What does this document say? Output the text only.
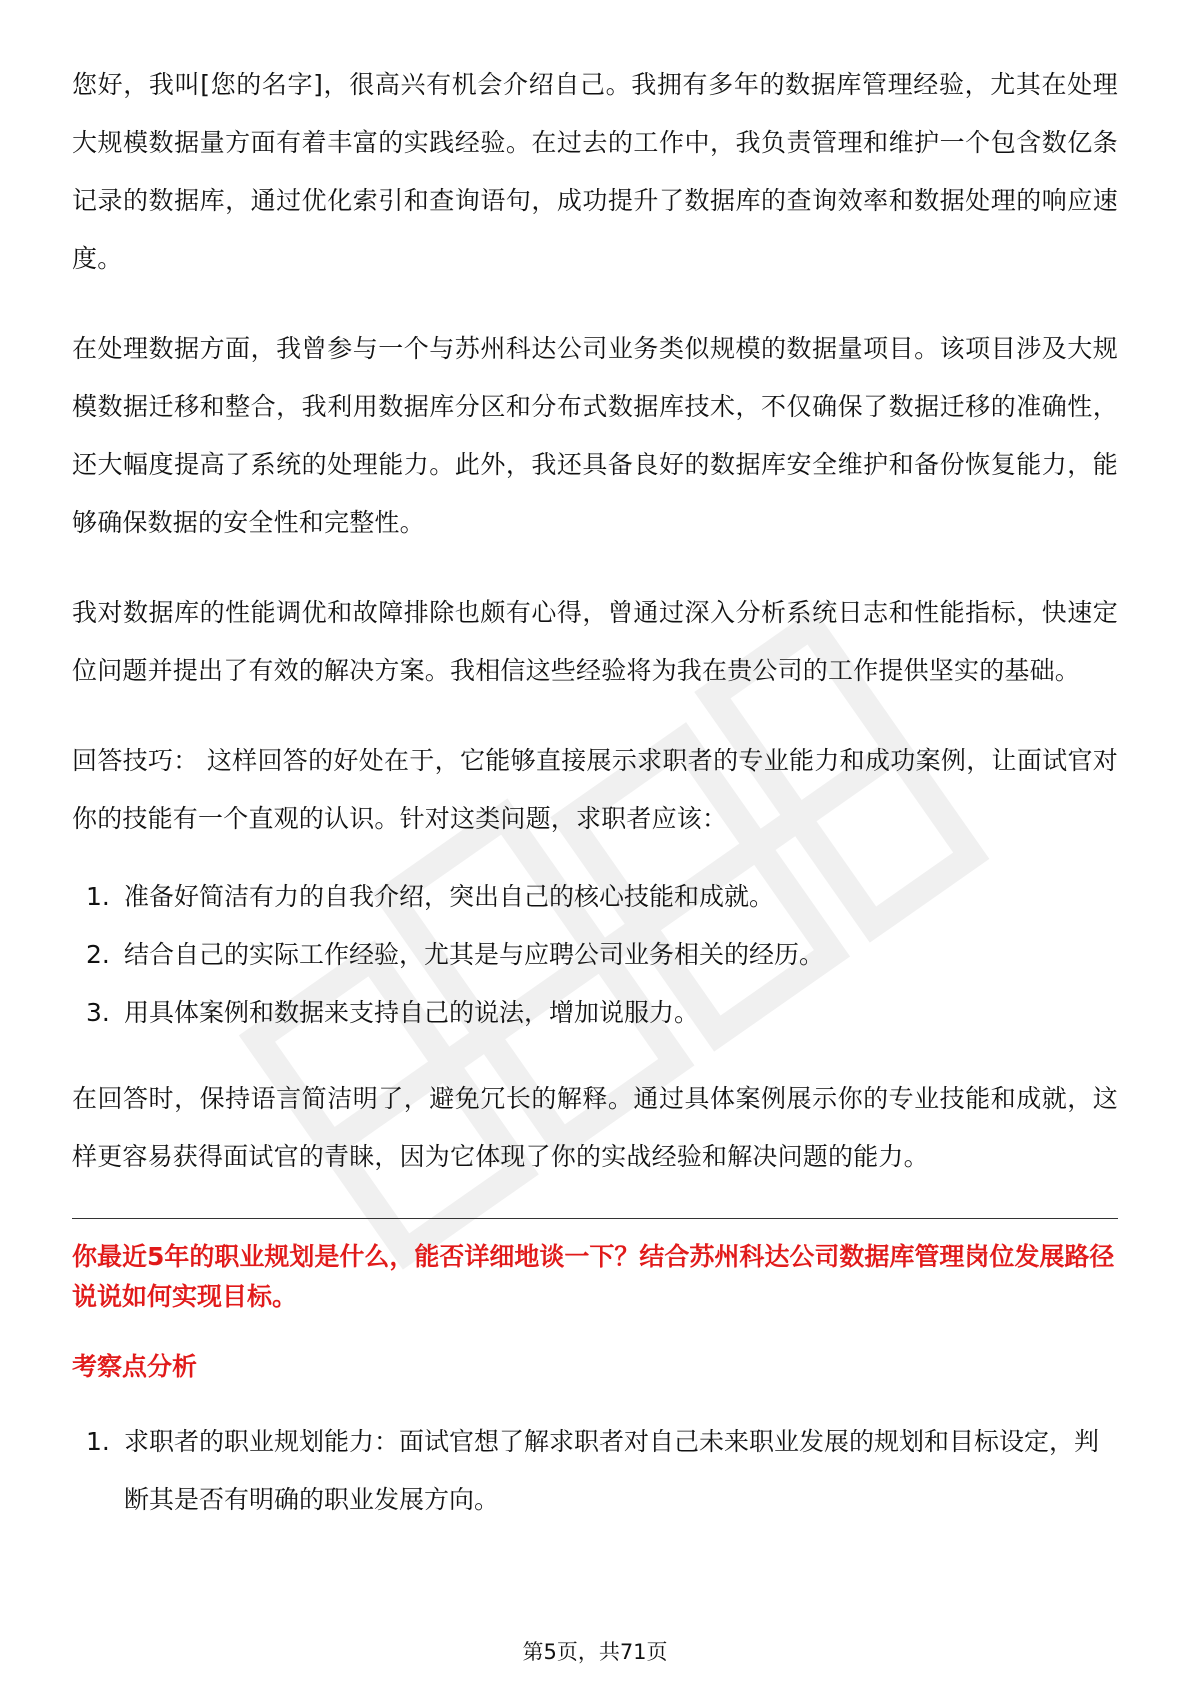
您好，我叫[您的名字]，很高兴有机会介绍自己。我拥有多年的数据库管理经验，尤其在处理大规模数据量方面有着丰富的实践经验。在过去的工作中，我负责管理和维护一个包含数亿条记录的数据库，通过优化索引和查询语句，成功提升了数据库的查询效率和数据处理的响应速度。

在处理数据方面，我曾参与一个与苏州科达公司业务类似规模的数据量项目。该项目涉及大规模数据迁移和整合，我利用数据库分区和分布式数据库技术，不仅确保了数据迁移的准确性，还大幅度提高了系统的处理能力。此外，我还具备良好的数据库安全维护和备份恢复能力，能够确保数据的安全性和完整性。

我对数据库的性能调优和故障排除也颇有心得，曾通过深入分析系统日志和性能指标，快速定位问题并提出了有效的解决方案。我相信这些经验将为我在贵公司的工作提供坚实的基础。

回答技巧： 这样回答的好处在于，它能够直接展示求职者的专业能力和成功案例，让面试官对你的技能有一个直观的认识。针对这类问题，求职者应该：

1. 准备好简洁有力的自我介绍，突出自己的核心技能和成就。
2. 结合自己的实际工作经验，尤其是与应聘公司业务相关的经历。
3. 用具体案例和数据来支持自己的说法，增加说服力。

在回答时，保持语言简洁明了，避免冗长的解释。通过具体案例展示你的专业技能和成就，这样更容易获得面试官的青睐，因为它体现了你的实战经验和解决问题的能力。

你最近5年的职业规划是什么，能否详细地谈一下？结合苏州科达公司数据库管理岗位发展路径说说如何实现目标。
考察点分析
1. 求职者的职业规划能力：面试官想了解求职者对自己未来职业发展的规划和目标设定，判断其是否有明确的职业发展方向。
第5页，共71页
